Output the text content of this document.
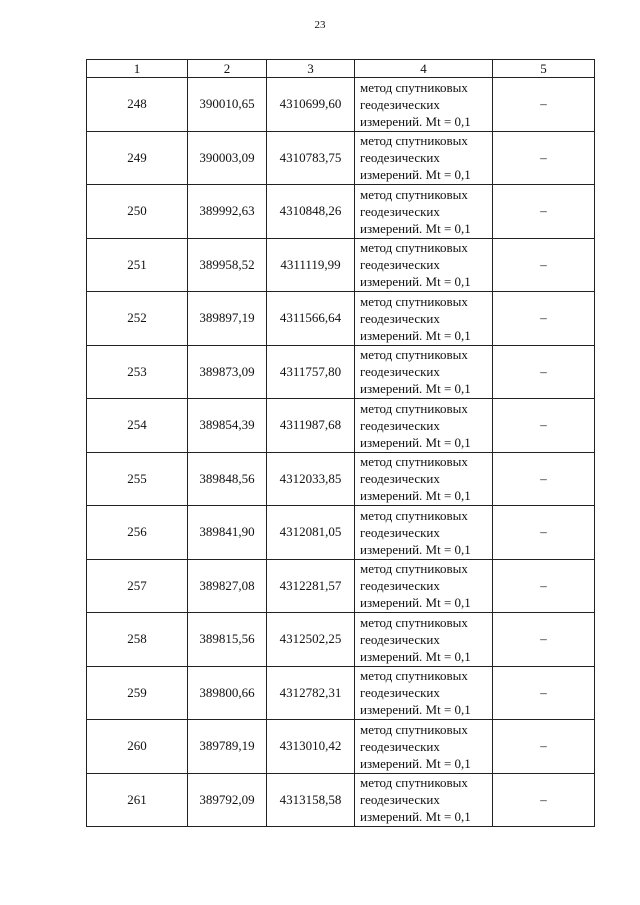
23
1	2	3	4	5
248	390010,65	4310699,60	метод спутниковых геодезических измерений. Mt = 0,1	–
249	390003,09	4310783,75	метод спутниковых геодезических измерений. Mt = 0,1	–
250	389992,63	4310848,26	метод спутниковых геодезических измерений. Mt = 0,1	–
251	389958,52	4311119,99	метод спутниковых геодезических измерений. Mt = 0,1	–
252	389897,19	4311566,64	метод спутниковых геодезических измерений. Mt = 0,1	–
253	389873,09	4311757,80	метод спутниковых геодезических измерений. Mt = 0,1	–
254	389854,39	4311987,68	метод спутниковых геодезических измерений. Mt = 0,1	–
255	389848,56	4312033,85	метод спутниковых геодезических измерений. Mt = 0,1	–
256	389841,90	4312081,05	метод спутниковых геодезических измерений. Mt = 0,1	–
257	389827,08	4312281,57	метод спутниковых геодезических измерений. Mt = 0,1	–
258	389815,56	4312502,25	метод спутниковых геодезических измерений. Mt = 0,1	–
259	389800,66	4312782,31	метод спутниковых геодезических измерений. Mt = 0,1	–
260	389789,19	4313010,42	метод спутниковых геодезических измерений. Mt = 0,1	–
261	389792,09	4313158,58	метод спутниковых геодезических измерений. Mt = 0,1	–
